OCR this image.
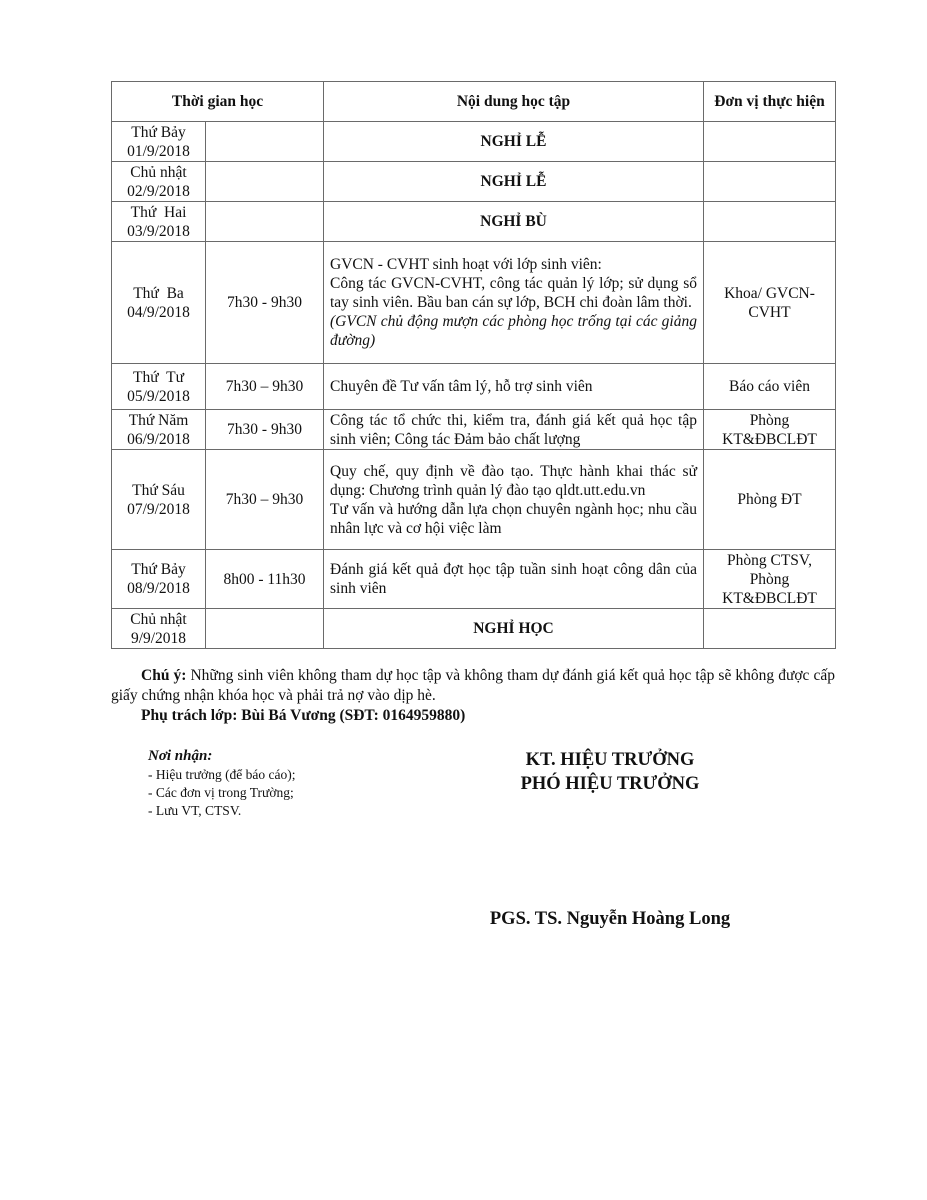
Thời gian học		Nội dung học tập	Đơn vị thực hiện

Thứ Bảy
01/9/2018		NGHỈ LỄ	

Chủ nhật
02/9/2018		NGHỈ LỄ	

Thứ  Hai
03/9/2018		NGHỈ BÙ	

Thứ  Ba
04/9/2018	7h30 - 9h30	GVCN - CVHT sinh hoạt với lớp sinh viên:
Công tác GVCN-CVHT, công tác quản lý lớp; sử dụng sổ tay sinh viên. Bầu ban cán sự lớp, BCH chi đoàn lâm thời.
(GVCN chủ động mượn các phòng học trống tại các giảng đường)	Khoa/ GVCN-CVHT

Thứ  Tư
05/9/2018	7h30 – 9h30	Chuyên đề Tư vấn tâm lý, hỗ trợ sinh viên	Báo cáo viên

Thứ Năm
06/9/2018	7h30 - 9h30	Công tác tổ chức thi, kiểm tra, đánh giá kết quả học tập sinh viên; Công tác Đảm bảo chất lượng	Phòng KT&ĐBCLĐT

Thứ Sáu
07/9/2018	7h30 – 9h30	Quy chế, quy định về đào tạo. Thực hành khai thác sử dụng: Chương trình quản lý đào tạo qldt.utt.edu.vn
Tư vấn và hướng dẫn lựa chọn chuyên ngành học; nhu cầu nhân lực và cơ hội việc làm	Phòng ĐT

Thứ Bảy
08/9/2018	8h00 - 11h30	Đánh giá kết quả đợt học tập tuần sinh hoạt công dân của sinh viên	Phòng CTSV, Phòng KT&ĐBCLĐT

Chủ nhật
9/9/2018		NGHỈ HỌC	

Chú ý: Những sinh viên không tham dự học tập và không tham dự đánh giá kết quả học tập sẽ không được cấp giấy chứng nhận khóa học và phải trả nợ vào dịp hè.

Phụ trách lớp: Bùi Bá Vương (SĐT: 0164959880)

Nơi nhận:
- Hiệu trưởng (để báo cáo);
- Các đơn vị trong Trường;
- Lưu VT, CTSV.
KT. HIỆU TRƯỞNG
PHÓ HIỆU TRƯỞNG
PGS. TS. Nguyễn Hoàng Long
